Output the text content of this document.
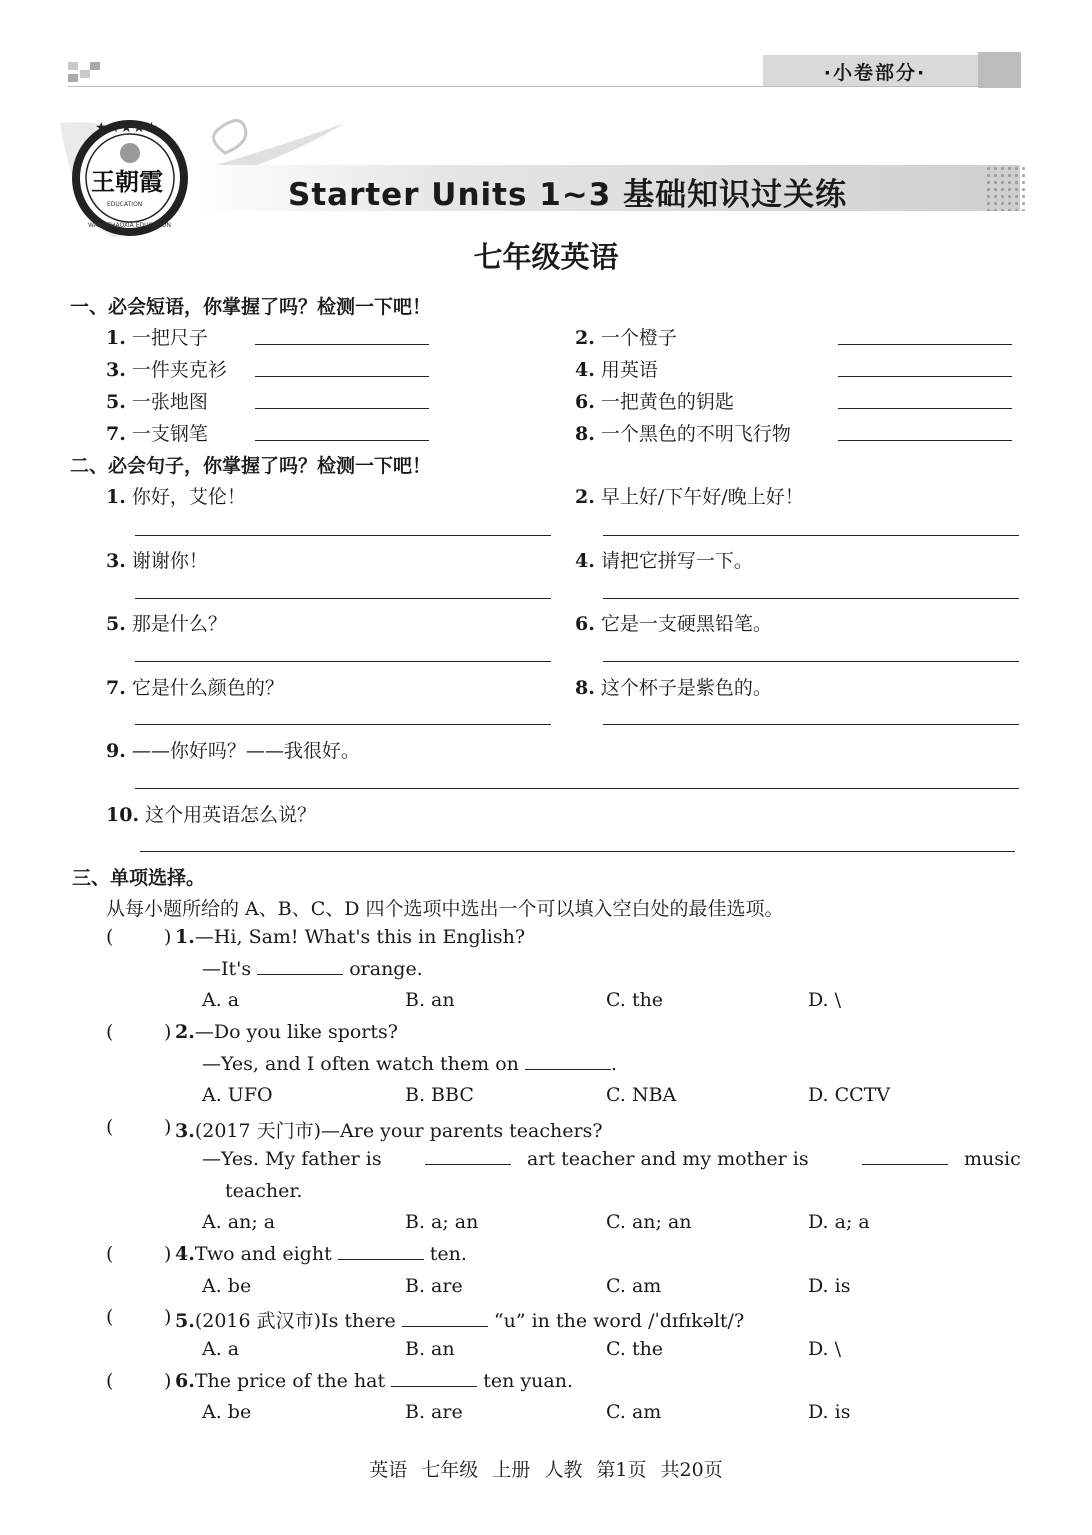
·小卷部分·
★★★★★
王朝霞
EDUCATION
WANGZHAOXIA EDUCATION
Starter Units 1~3 基础知识过关练
七年级英语
一、必会短语，你掌握了吗？检测一下吧！
1. 一把尺子	2. 一个橙子
3. 一件夹克衫	4. 用英语
5. 一张地图	6. 一把黄色的钥匙
7. 一支钢笔	8. 一个黑色的不明飞行物
二、必会句子，你掌握了吗？检测一下吧！
1. 你好，艾伦！	2. 早上好/下午好/晚上好！
3. 谢谢你！	4. 请把它拼写一下。
5. 那是什么？	6. 它是一支硬黑铅笔。
7. 它是什么颜色的？	8. 这个杯子是紫色的。
9. ——你好吗？——我很好。
10. 这个用英语怎么说？
三、单项选择。
从每小题所给的 A、B、C、D 四个选项中选出一个可以填入空白处的最佳选项。
(	) 1.—Hi, Sam! What's this in English?
—It's	orange.
A. a	B. an	C. the	D. \
(	) 2.—Do you like sports?
—Yes, and I often watch them on	.
A. UFO	B. BBC	C. NBA	D. CCTV
(	) 3.(2017 天门市)—Are your parents teachers?
—Yes. My father is	art teacher and my mother is	music
teacher.
A. an; a	B. a; an	C. an; an	D. a; a
(	) 4.Two and eight	ten.
A. be	B. are	C. am	D. is
(	) 5.(2016 武汉市)Is there	“u” in the word /ˈdɪfɪkəlt/?
A. a	B. an	C. the	D. \
(	) 6.The price of the hat	ten yuan.
A. be	B. are	C. am	D. is
英语 七年级 上册 人教 第1页 共20页
